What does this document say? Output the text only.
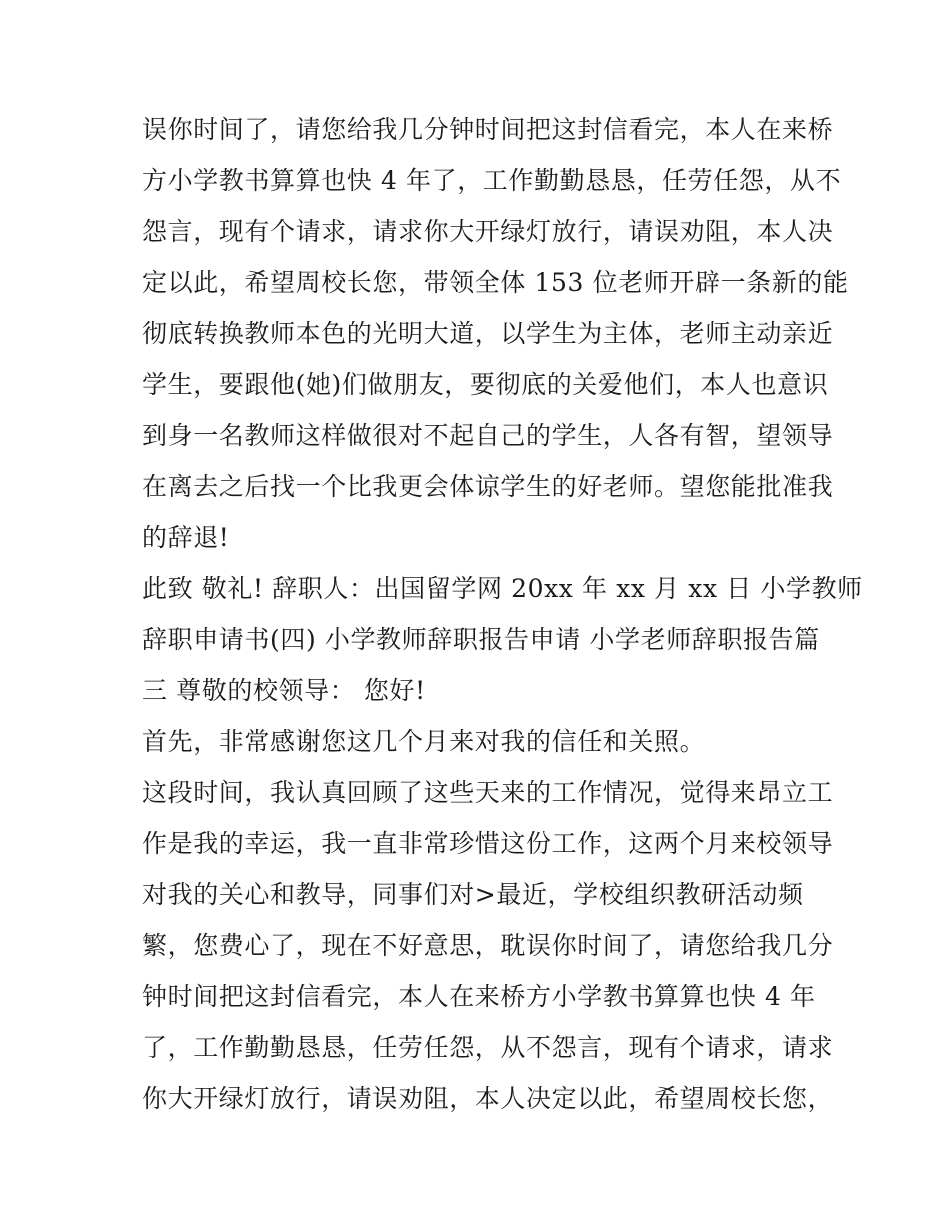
误你时间了，请您给我几分钟时间把这封信看完，本人在来桥
方小学教书算算也快 4 年了，工作勤勤恳恳，任劳任怨，从不
怨言，现有个请求，请求你大开绿灯放行，请误劝阻，本人决
定以此，希望周校长您，带领全体 153 位老师开辟一条新的能
彻底转换教师本色的光明大道，以学生为主体，老师主动亲近
学生，要跟他(她)们做朋友，要彻底的关爱他们，本人也意识
到身一名教师这样做很对不起自己的学生，人各有智，望领导
在离去之后找一个比我更会体谅学生的好老师。望您能批准我
的辞退!
此致 敬礼! 辞职人：出国留学网 20xx 年 xx 月 xx 日 小学教师
辞职申请书(四) 小学教师辞职报告申请 小学老师辞职报告篇
三 尊敬的校领导： 您好!
首先，非常感谢您这几个月来对我的信任和关照。
这段时间，我认真回顾了这些天来的工作情况，觉得来昂立工
作是我的幸运，我一直非常珍惜这份工作，这两个月来校领导
对我的关心和教导，同事们对>最近，学校组织教研活动频
繁，您费心了，现在不好意思，耽误你时间了，请您给我几分
钟时间把这封信看完，本人在来桥方小学教书算算也快 4 年
了，工作勤勤恳恳，任劳任怨，从不怨言，现有个请求，请求
你大开绿灯放行，请误劝阻，本人决定以此，希望周校长您，
